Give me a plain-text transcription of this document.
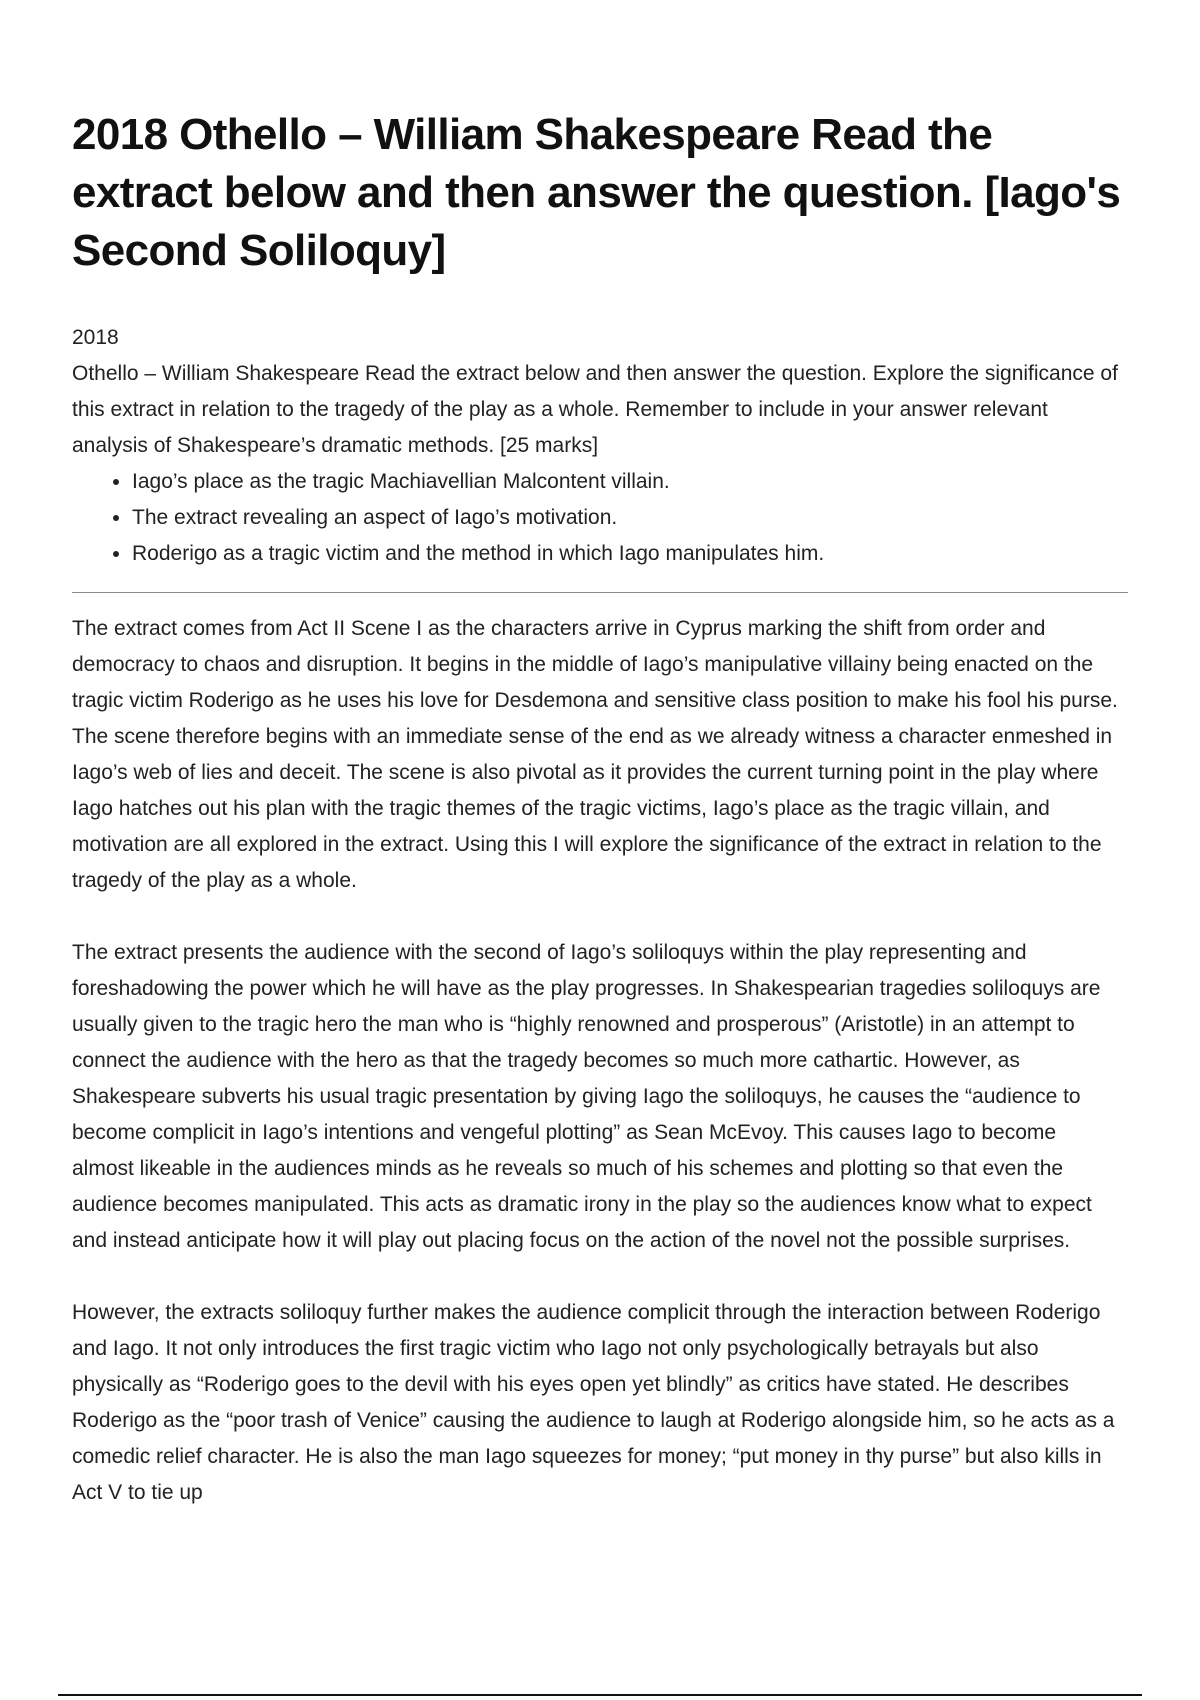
2018 Othello – William Shakespeare Read the extract below and then answer the question. [Iago's Second Soliloquy]
2018

Othello – William Shakespeare Read the extract below and then answer the question. Explore the significance of this extract in relation to the tragedy of the play as a whole. Remember to include in your answer relevant analysis of Shakespeare’s dramatic methods. [25 marks]

• Iago’s place as the tragic Machiavellian Malcontent villain.
• The extract revealing an aspect of Iago’s motivation.
• Roderigo as a tragic victim and the method in which Iago manipulates him.

The extract comes from Act II Scene I as the characters arrive in Cyprus marking the shift from order and democracy to chaos and disruption. It begins in the middle of Iago’s manipulative villainy being enacted on the tragic victim Roderigo as he uses his love for Desdemona and sensitive class position to make his fool his purse. The scene therefore begins with an immediate sense of the end as we already witness a character enmeshed in Iago’s web of lies and deceit. The scene is also pivotal as it provides the current turning point in the play where Iago hatches out his plan with the tragic themes of the tragic victims, Iago’s place as the tragic villain, and motivation are all explored in the extract. Using this I will explore the significance of the extract in relation to the tragedy of the play as a whole.

The extract presents the audience with the second of Iago’s soliloquys within the play representing and foreshadowing the power which he will have as the play progresses. In Shakespearian tragedies soliloquys are usually given to the tragic hero the man who is “highly renowned and prosperous” (Aristotle) in an attempt to connect the audience with the hero as that the tragedy becomes so much more cathartic. However, as Shakespeare subverts his usual tragic presentation by giving Iago the soliloquys, he causes the “audience to become complicit in Iago’s intentions and vengeful plotting” as Sean McEvoy. This causes Iago to become almost likeable in the audiences minds as he reveals so much of his schemes and plotting so that even the audience becomes manipulated. This acts as dramatic irony in the play so the audiences know what to expect and instead anticipate how it will play out placing focus on the action of the novel not the possible surprises.

However, the extracts soliloquy further makes the audience complicit through the interaction between Roderigo and Iago. It not only introduces the first tragic victim who Iago not only psychologically betrayals but also physically as “Roderigo goes to the devil with his eyes open yet blindly” as critics have stated. He describes Roderigo as the “poor trash of Venice” causing the audience to laugh at Roderigo alongside him, so he acts as a comedic relief character. He is also the man Iago squeezes for money; “put money in thy purse” but also kills in Act V to tie up
